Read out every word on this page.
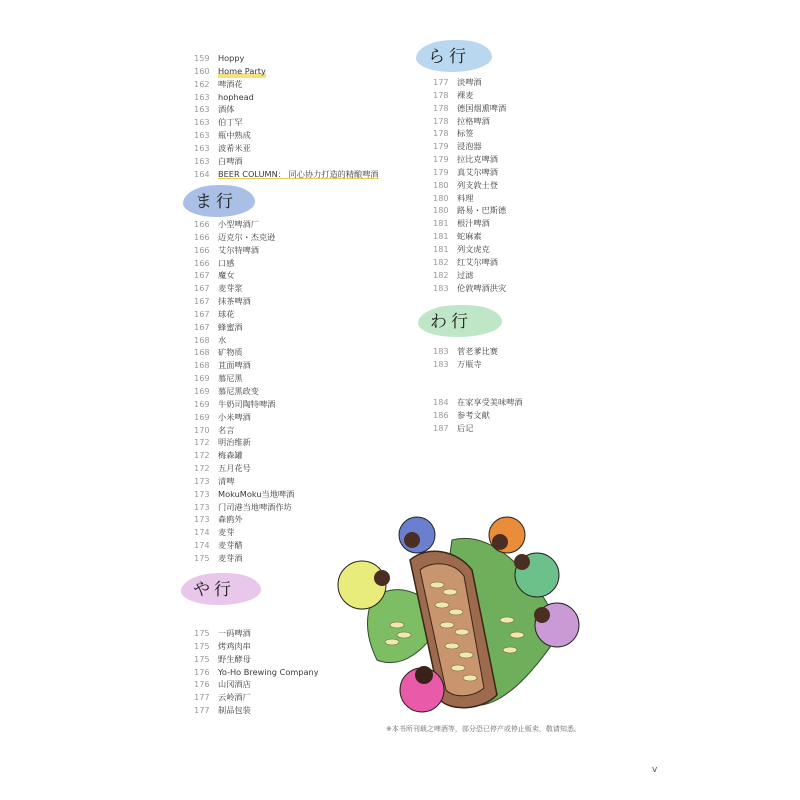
159	Hoppy
160	Home Party
162	啤酒花
163	hophead
163	酒体
163	伯丁罕
163	瓶中熟成
163	波希米亚
163	白啤酒
164	BEER COLUMN： 同心协力打造的精酿啤酒
ま行
166	小型啤酒厂
166	迈克尔・杰克逊
166	艾尔特啤酒
166	口感
167	魔女
167	麦芽浆
167	抹茶啤酒
167	球花
167	蜂蜜酒
168	水
168	矿物质
168	苴面啤酒
169	慕尼黑
169	慕尼黑政变
169	牛奶司陶特啤酒
169	小米啤酒
170	名言
172	明治维新
172	梅森罐
172	五月花号
173	清啤
173	MokuMoku当地啤酒
173	门司港当地啤酒作坊
173	森鸥外
174	麦芽
174	麦芽醋
175	麦芽酒
や行
175	一码啤酒
175	烤鸡肉串
175	野生酵母
176	Yo-Ho Brewing Company
176	山冈酒店
177	云岭酒厂
177	制品包装
ら行
177	淡啤酒
178	裸麦
178	德国烟熏啤酒
178	拉格啤酒
178	标签
179	浸泡器
179	拉比克啤酒
179	真艾尔啤酒
180	列支敦士登
180	料理
180	路易・巴斯德
181	根汁啤酒
181	蛇麻素
181	列文虎克
182	红艾尔啤酒
182	过滤
183	伦敦啤酒洪灾
わ行
183	菅老爹比赛
183	万瓶寺
184	在家享受美味啤酒
186	参考文献
187	后记
※本书所刊载之啤酒等，部分恐已停产或停止贩卖，敬请知悉。
v
